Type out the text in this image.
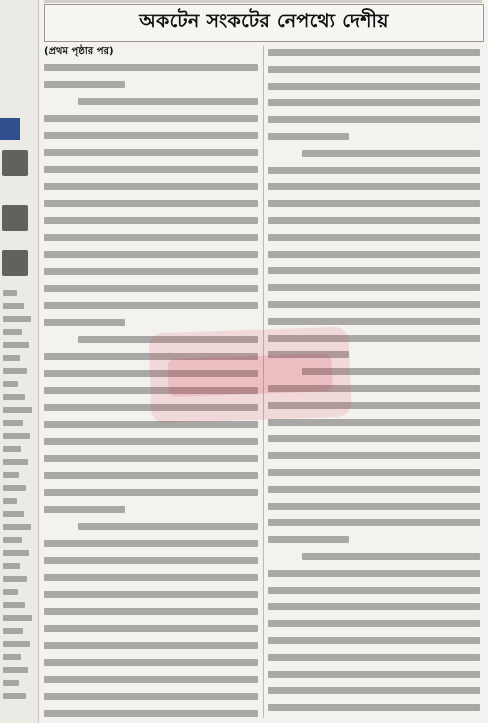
অকটেন সংকটের নেপথ্যে দেশীয়
(প্রথম পৃষ্ঠার পর)
